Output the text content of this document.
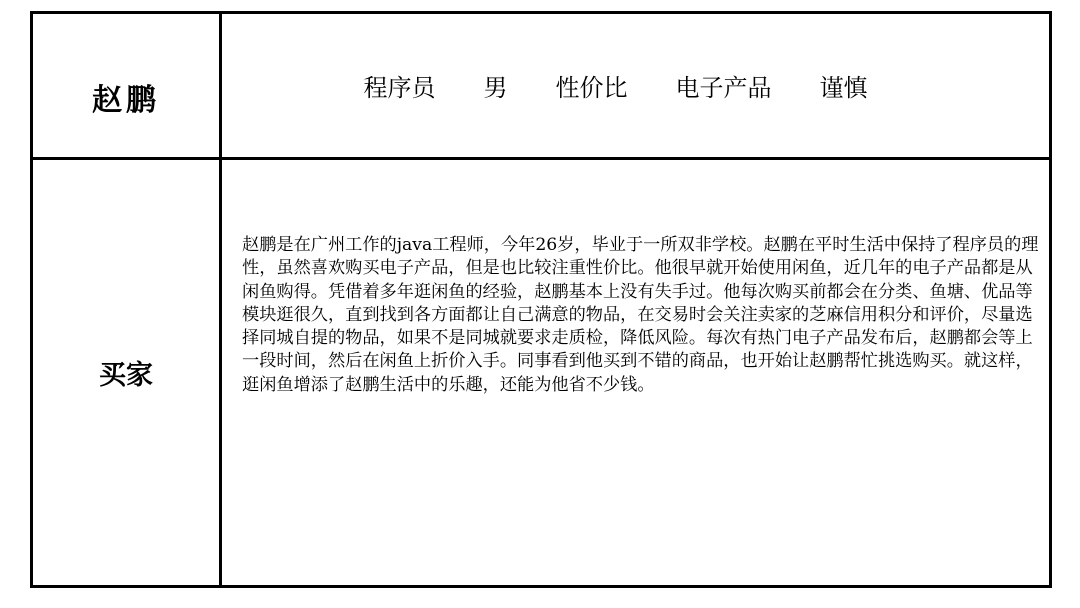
赵鹏	程序员 男 性价比 电子产品 谨慎
买家

赵鹏是在广州工作的java工程师，今年26岁，毕业于一所双非学校。赵鹏在平时生活中保持了程序员的理性，虽然喜欢购买电子产品，但是也比较注重性价比。他很早就开始使用闲鱼，近几年的电子产品都是从闲鱼购得。凭借着多年逛闲鱼的经验，赵鹏基本上没有失手过。他每次购买前都会在分类、鱼塘、优品等模块逛很久，直到找到各方面都让自己满意的物品，在交易时会关注卖家的芝麻信用积分和评价，尽量选择同城自提的物品，如果不是同城就要求走质检，降低风险。每次有热门电子产品发布后，赵鹏都会等上一段时间，然后在闲鱼上折价入手。同事看到他买到不错的商品，也开始让赵鹏帮忙挑选购买。就这样，逛闲鱼增添了赵鹏生活中的乐趣，还能为他省不少钱。
